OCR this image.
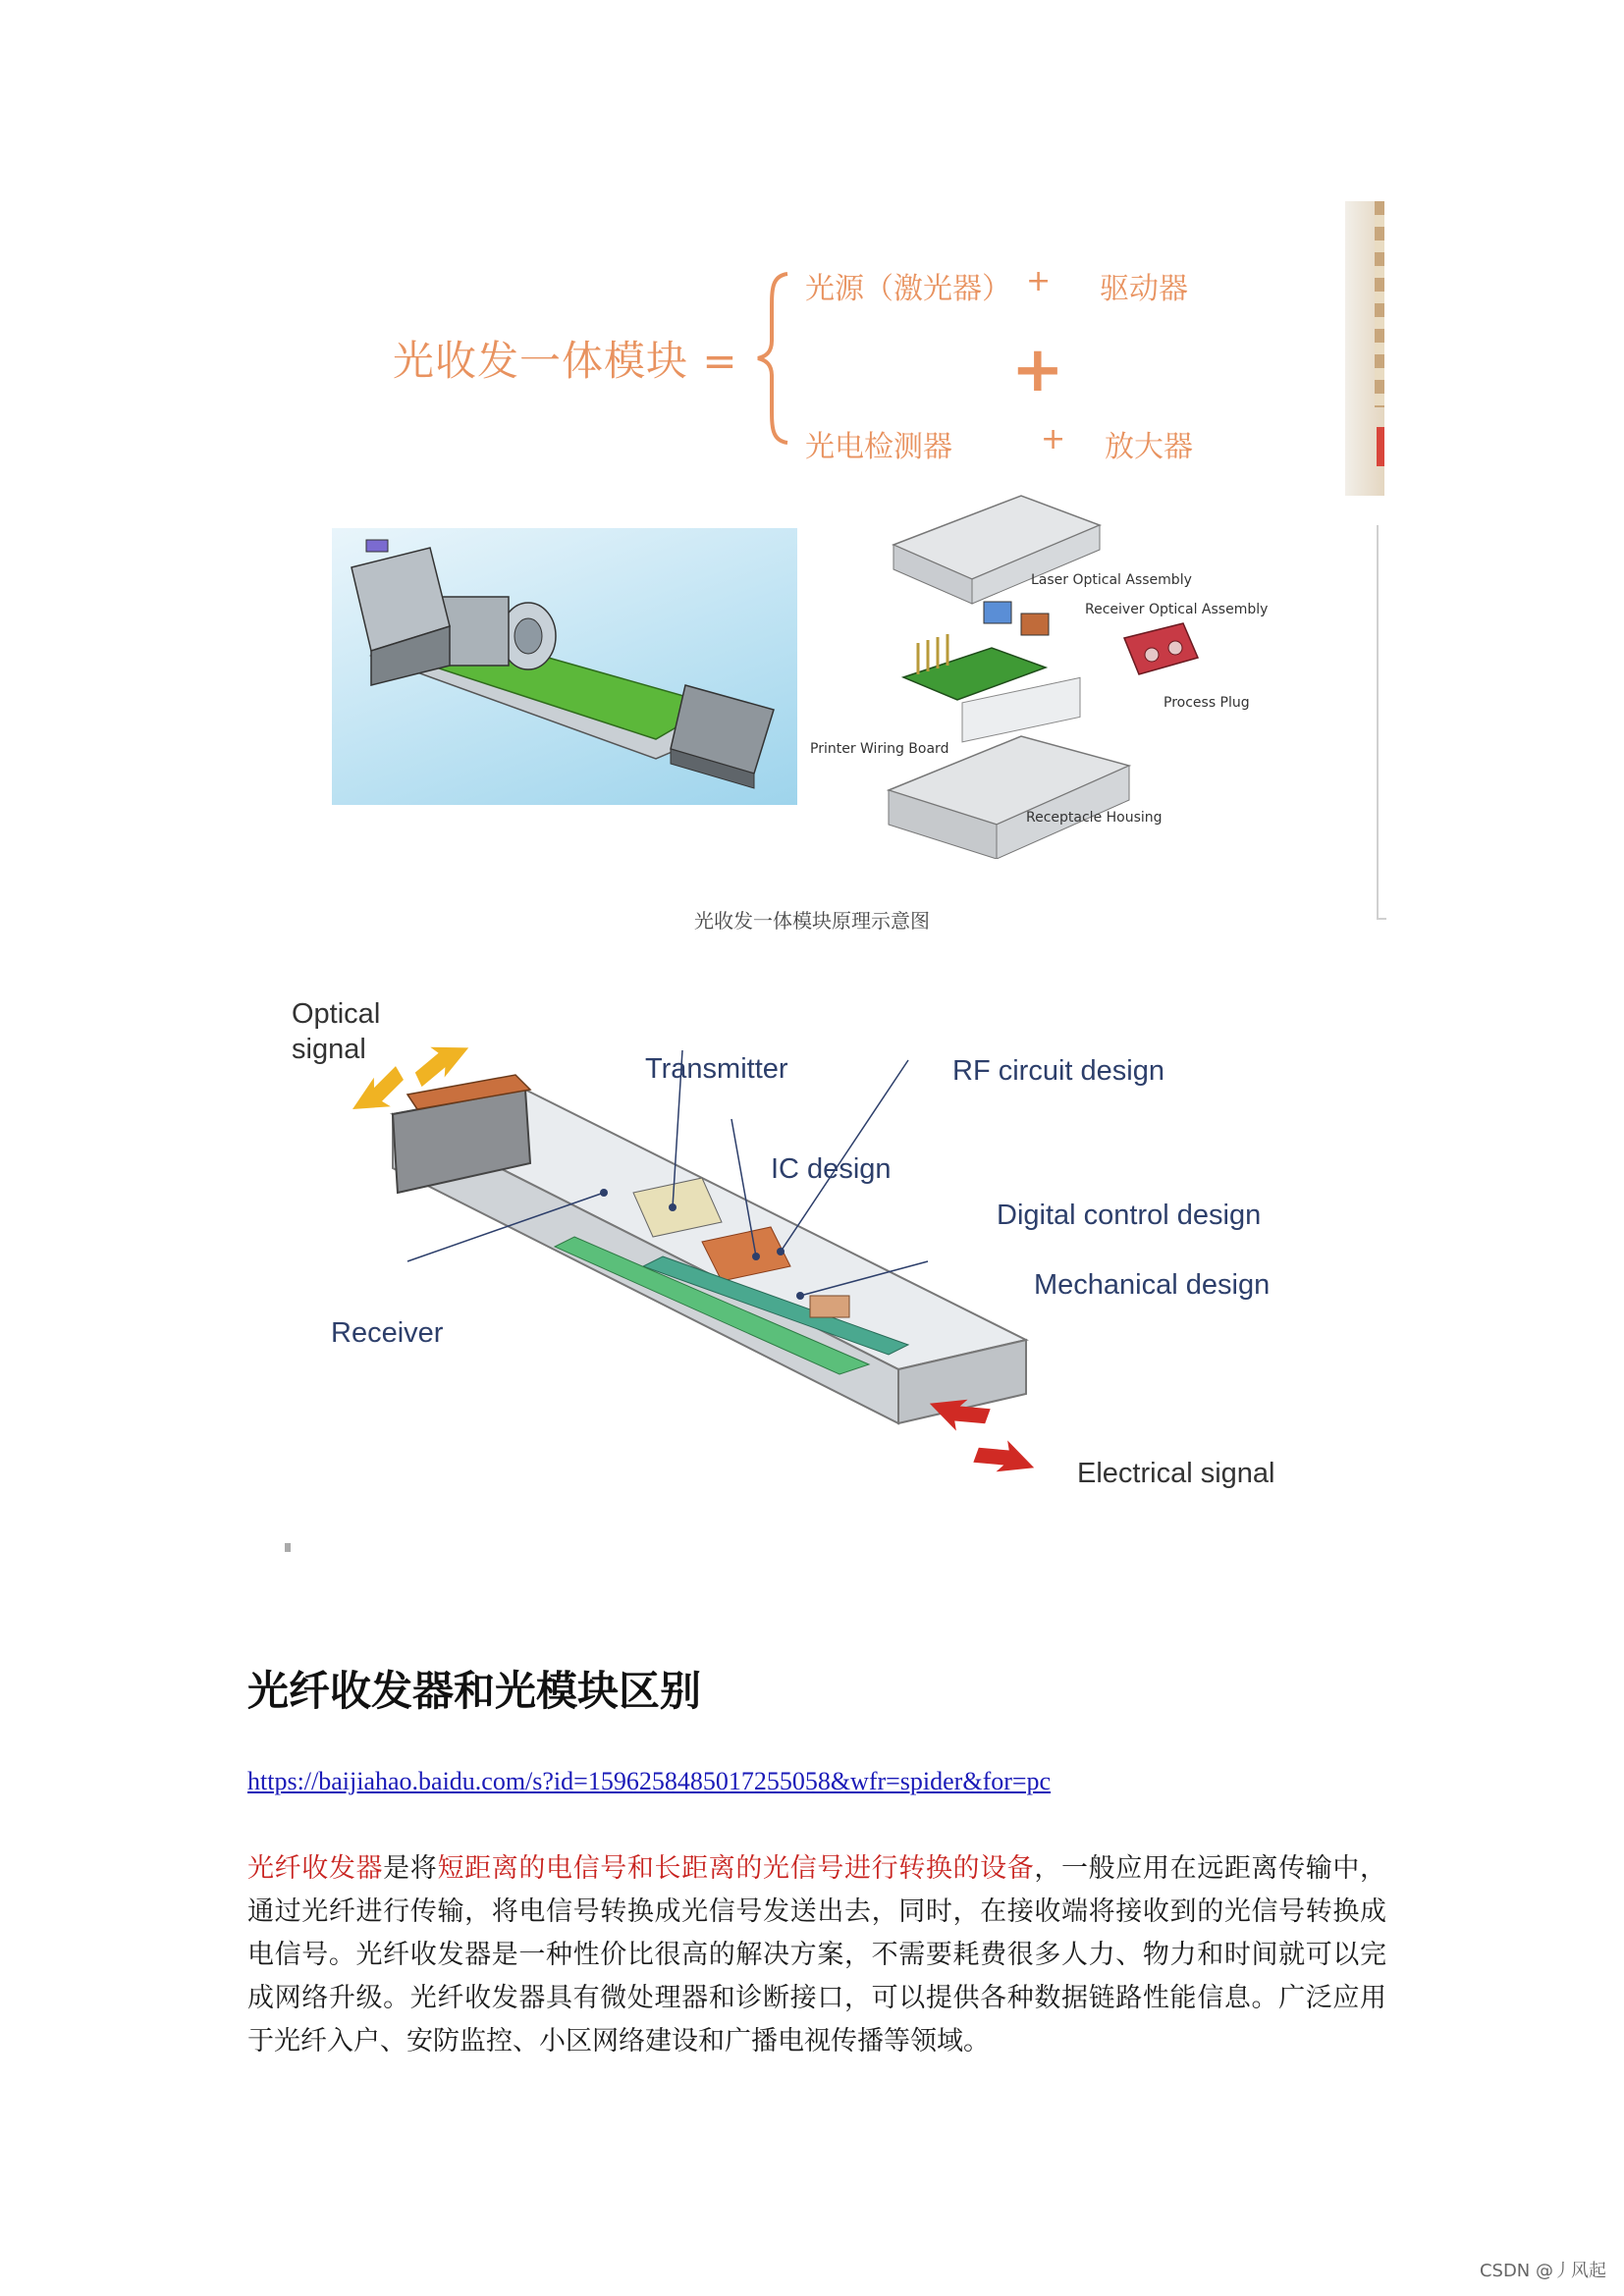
光收发一体模块 =
光源（激光器） + 驱动器
+
光电检测器	+ 放大器
Laser Optical Assembly
Receiver Optical Assembly
Process Plug
Printer Wiring Board
Receptacle Housing
光收发一体模块原理示意图
Optical
signal
Transmitter	RF circuit design
IC design
Digital control design
Mechanical design
Receiver
Electrical signal
光纤收发器和光模块区别
https://baijiahao.baidu.com/s?id=1596258485017255058&wfr=spider&for=pc
光纤收发器是将短距离的电信号和长距离的光信号进行转换的设备，一般应用在远距离传输中，通过光纤进行传输，将电信号转换成光信号发送出去，同时，在接收端将接收到的光信号转换成电信号。光纤收发器是一种性价比很高的解决方案，不需要耗费很多人力、物力和时间就可以完成网络升级。光纤收发器具有微处理器和诊断接口，可以提供各种数据链路性能信息。广泛应用于光纤入户、安防监控、小区网络建设和广播电视传播等领域。
CSDN @丿风起
